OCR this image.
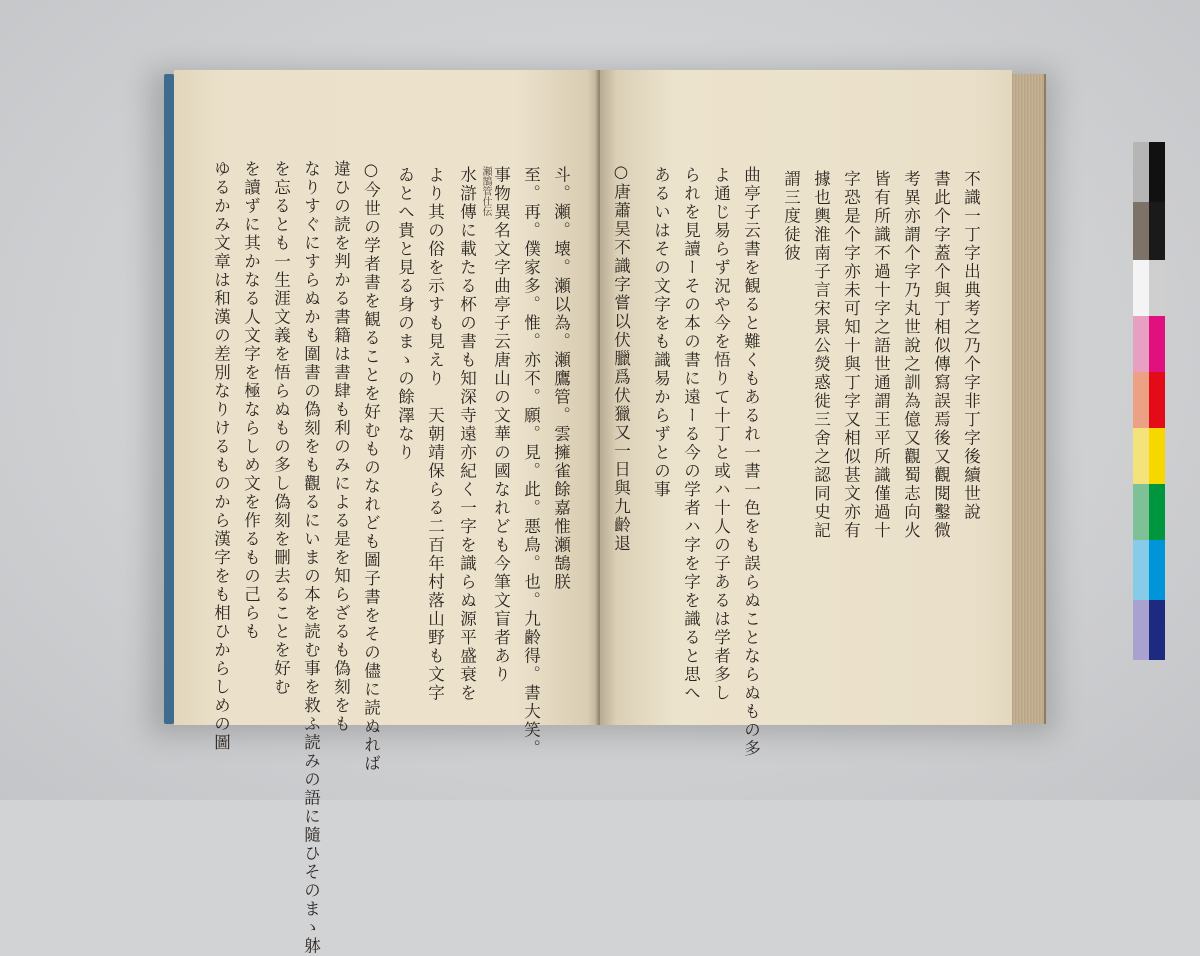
○今世の学者書を観ることを好むものなれども圖子書をその儘に読ぬれば
違ひの読を判かる書籍は書肆も利のみによる是を知らざるも偽刻をも
なりすぐにすらぬかも圍書の偽刻をも觀るにいまの本を読む事を救ふ読みの語に隨ひそのまゝ躰
を忘るとも一生涯文義を悟らぬもの多し偽刻を刪去ることを好む
を讀ずに其かなる人文字を極ならしめ文を作るもの己らも
ゆるかみ文章は和漢の差別なりけるものから漢字をも相ひからしめの圖	斗。瀬。壊。瀬以為。瀬鷹管。雲擁雀餘嘉惟瀬鵠朕
至。再。僕家多。惟。亦不。願。見。此。悪鳥。也。九齢得。書大笑。
事物異名文字曲亭子云唐山の文華の國なれども今筆文盲者あり
瀬鵠管仕伝
水滸傳に載たる杯の書も知深寺遠亦紀く一字を識らぬ源平盛衰を
より其の俗を示すも見えり　天朝靖保らる二百年村落山野も文字
ゐとへ貴と見る身のまゝの餘澤なり	不識一丁字出典考之乃个字非丁字後續世說
書此个字蓋个與丁相似傳寫誤焉後又觀閱鑿微
考異亦謂个字乃丸世說之訓為億又觀蜀志向火
皆有所識不過十字之語世通謂王平所識僅過十
字恐是个字亦未可知十與丁字又相似甚文亦有
據也輿淮南子言宋景公熒惑徙三舍之認同史記
謂三度徒彼
曲亭子云書を観ると難くもあるれ一書一色をも誤らぬことならぬもの多
よ通じ易らず況や今を悟りて十丁と或ハ十人の子あるは学者多し
られを見讀ーその本の書に遠ーる今の学者ハ字を字を識ると思へ
あるいはその文字をも識易からずとの事
○唐蕭昊不識字嘗以伏臘爲伏獵又一日與九齡退
